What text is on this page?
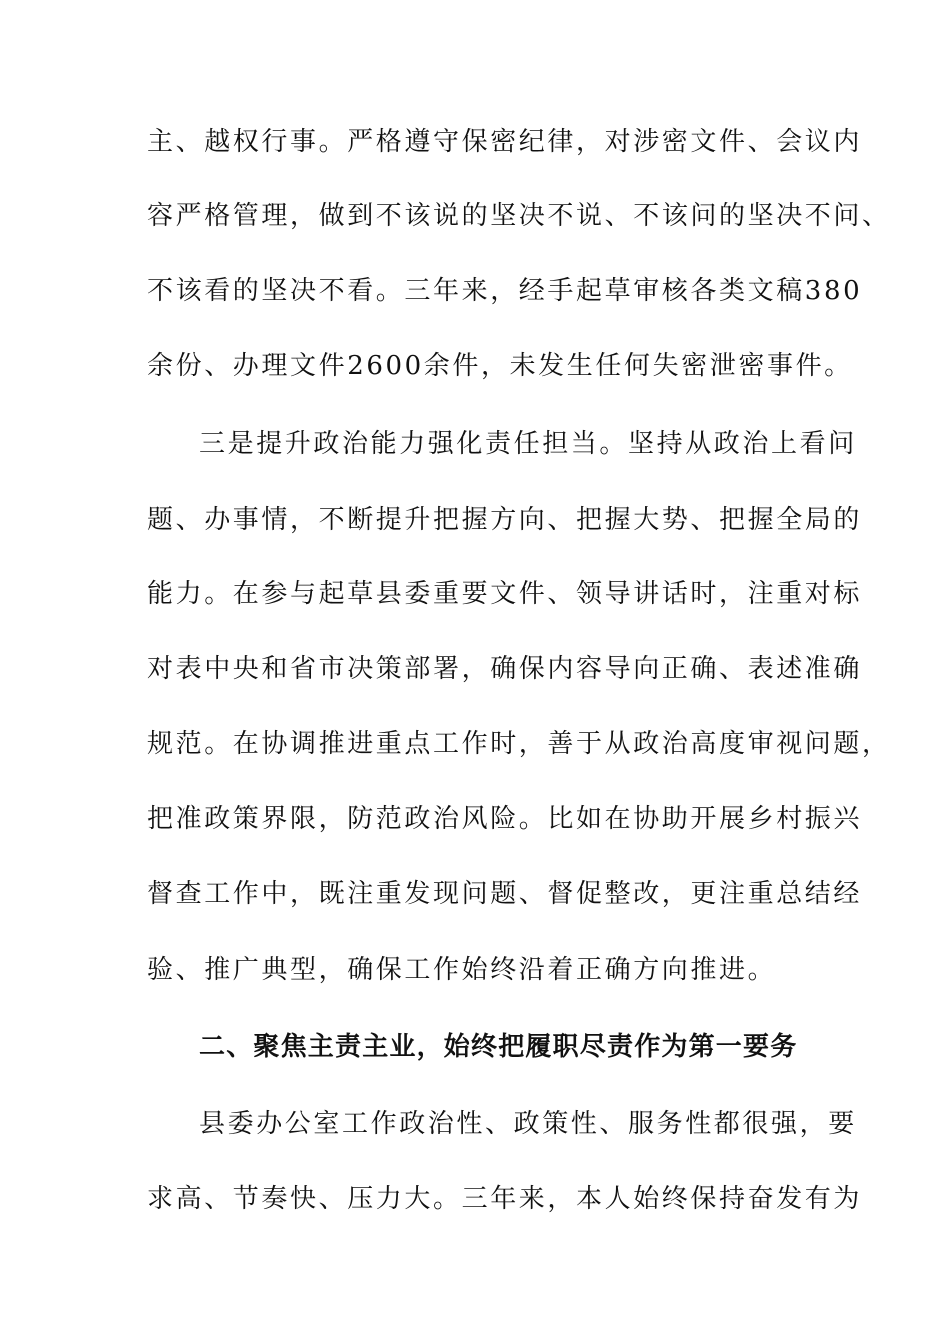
主、越权行事。严格遵守保密纪律，对涉密文件、会议内
容严格管理，做到不该说的坚决不说、不该问的坚决不问、
不该看的坚决不看。三年来，经手起草审核各类文稿380
余份、办理文件2600余件，未发生任何失密泄密事件。
三是提升政治能力强化责任担当。坚持从政治上看问
题、办事情，不断提升把握方向、把握大势、把握全局的
能力。在参与起草县委重要文件、领导讲话时，注重对标
对表中央和省市决策部署，确保内容导向正确、表述准确
规范。在协调推进重点工作时，善于从政治高度审视问题，
把准政策界限，防范政治风险。比如在协助开展乡村振兴
督查工作中，既注重发现问题、督促整改，更注重总结经
验、推广典型，确保工作始终沿着正确方向推进。
二、聚焦主责主业，始终把履职尽责作为第一要务
县委办公室工作政治性、政策性、服务性都很强，要
求高、节奏快、压力大。三年来，本人始终保持奋发有为
